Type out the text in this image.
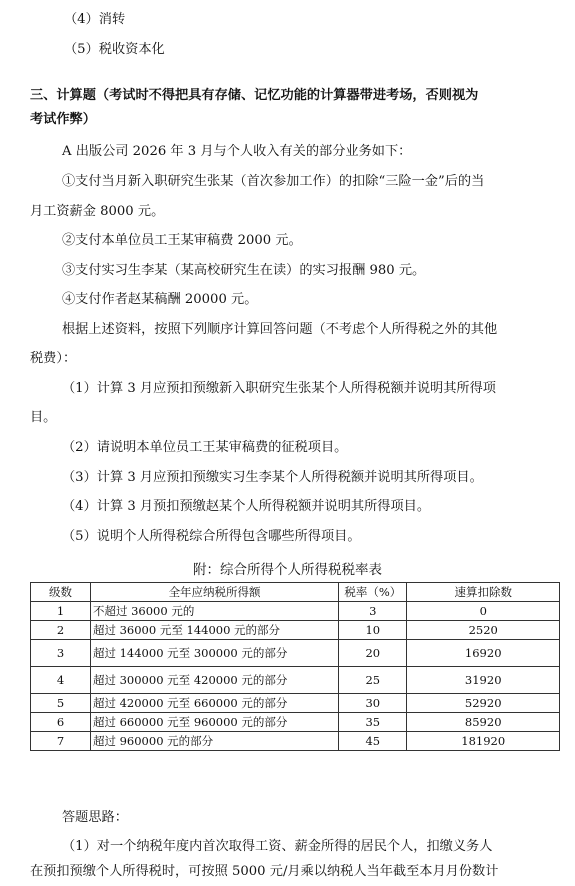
（4）消转
（5）税收资本化
三、计算题（考试时不得把具有存储、记忆功能的计算器带进考场，否则视为
考试作弊）
A 出版公司 2026 年 3 月与个人收入有关的部分业务如下：
①支付当月新入职研究生张某（首次参加工作）的扣除“三险一金”后的当
月工资薪金 8000 元。
②支付本单位员工王某审稿费 2000 元。
③支付实习生李某（某高校研究生在读）的实习报酬 980 元。
④支付作者赵某稿酬 20000 元。
根据上述资料，按照下列顺序计算回答问题（不考虑个人所得税之外的其他
税费）：
（1）计算 3 月应预扣预缴新入职研究生张某个人所得税额并说明其所得项
目。
（2）请说明本单位员工王某审稿费的征税项目。
（3）计算 3 月应预扣预缴实习生李某个人所得税额并说明其所得项目。
（4）计算 3 月预扣预缴赵某个人所得税额并说明其所得项目。
（5）说明个人所得税综合所得包含哪些所得项目。
附：综合所得个人所得税税率表
级数	全年应纳税所得额	税率（%）	速算扣除数
1	不超过 36000 元的	3	0
2	超过 36000 元至 144000 元的部分	10	2520
3	超过 144000 元至 300000 元的部分	20	16920
4	超过 300000 元至 420000 元的部分	25	31920
5	超过 420000 元至 660000 元的部分	30	52920
6	超过 660000 元至 960000 元的部分	35	85920
7	超过 960000 元的部分	45	181920
答题思路：
（1）对一个纳税年度内首次取得工资、薪金所得的居民个人，扣缴义务人
在预扣预缴个人所得税时，可按照 5000 元/月乘以纳税人当年截至本月月份数计
